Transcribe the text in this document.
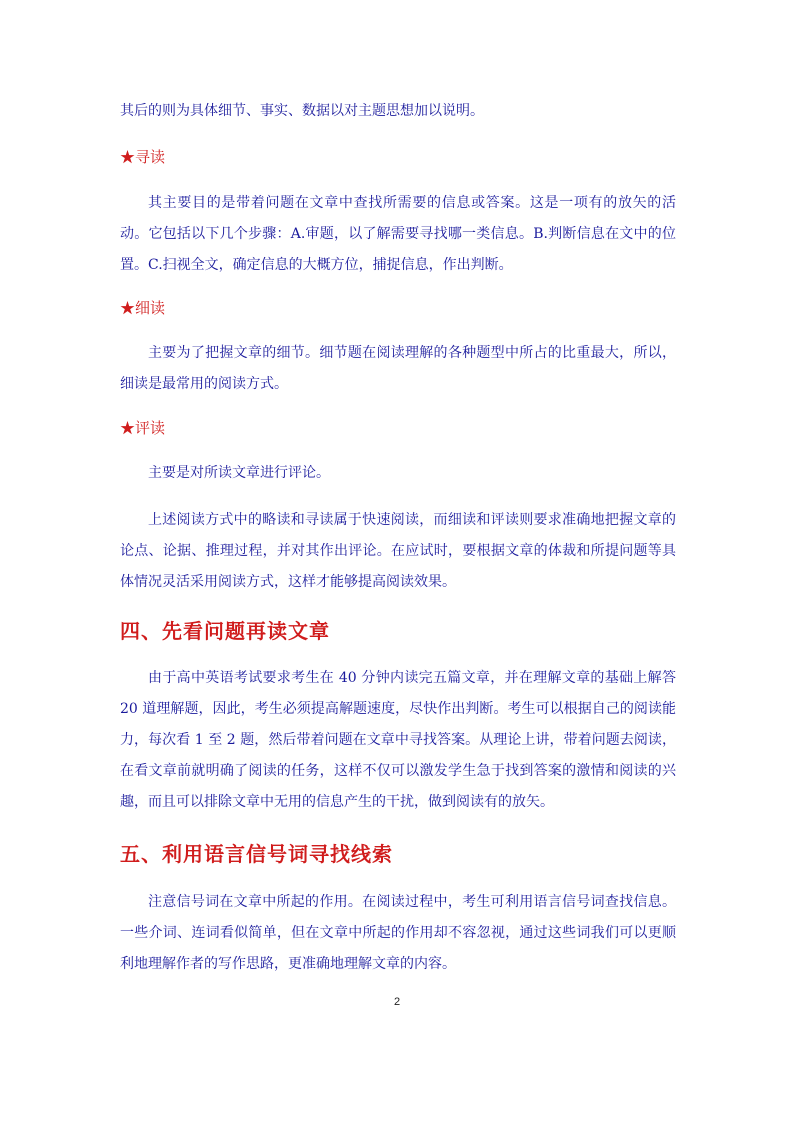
其后的则为具体细节、事实、数据以对主题思想加以说明。

★寻读

其主要目的是带着问题在文章中查找所需要的信息或答案。这是一项有的放矢的活动。它包括以下几个步骤：A.审题，以了解需要寻找哪一类信息。B.判断信息在文中的位置。C.扫视全文，确定信息的大概方位，捕捉信息，作出判断。

★细读

主要为了把握文章的细节。细节题在阅读理解的各种题型中所占的比重最大，所以，细读是最常用的阅读方式。

★评读

主要是对所读文章进行评论。

上述阅读方式中的略读和寻读属于快速阅读，而细读和评读则要求准确地把握文章的论点、论据、推理过程，并对其作出评论。在应试时，要根据文章的体裁和所提问题等具体情况灵活采用阅读方式，这样才能够提高阅读效果。

四、先看问题再读文章

由于高中英语考试要求考生在 40 分钟内读完五篇文章，并在理解文章的基础上解答 20 道理解题，因此，考生必须提高解题速度，尽快作出判断。考生可以根据自己的阅读能力，每次看 1 至 2 题，然后带着问题在文章中寻找答案。从理论上讲，带着问题去阅读，在看文章前就明确了阅读的任务，这样不仅可以激发学生急于找到答案的激情和阅读的兴趣，而且可以排除文章中无用的信息产生的干扰，做到阅读有的放矢。

五、利用语言信号词寻找线索

注意信号词在文章中所起的作用。在阅读过程中，考生可利用语言信号词查找信息。一些介词、连词看似简单，但在文章中所起的作用却不容忽视，通过这些词我们可以更顺利地理解作者的写作思路，更准确地理解文章的内容。

2
